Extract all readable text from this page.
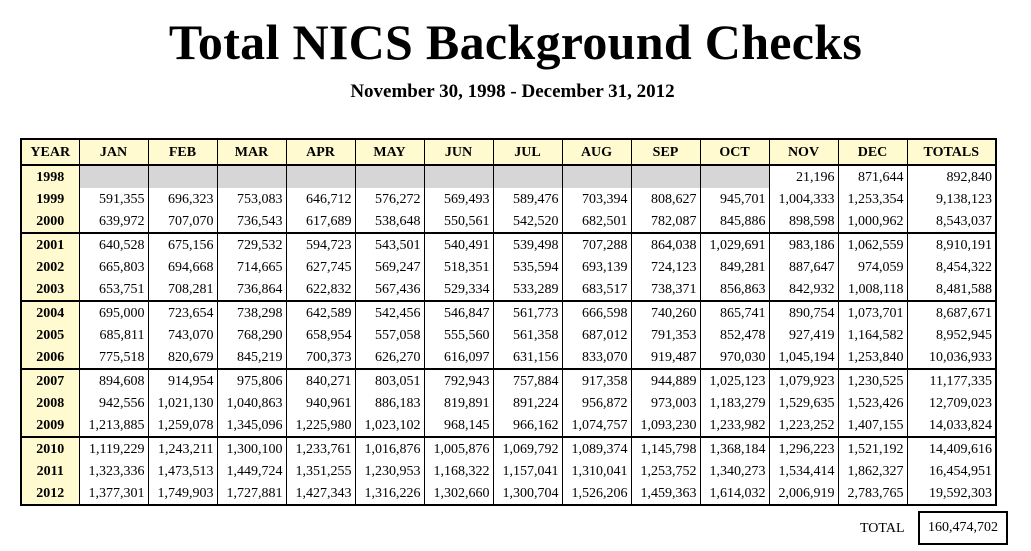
Total NICS Background Checks
November 30, 1998 - December 31, 2012
YEAR	JAN	FEB	MAR	APR	MAY	JUN	JUL	AUG	SEP	OCT	NOV	DEC	TOTALS
1998											21,196	871,644	892,840
1999	591,355	696,323	753,083	646,712	576,272	569,493	589,476	703,394	808,627	945,701	1,004,333	1,253,354	9,138,123
2000	639,972	707,070	736,543	617,689	538,648	550,561	542,520	682,501	782,087	845,886	898,598	1,000,962	8,543,037
2001	640,528	675,156	729,532	594,723	543,501	540,491	539,498	707,288	864,038	1,029,691	983,186	1,062,559	8,910,191
2002	665,803	694,668	714,665	627,745	569,247	518,351	535,594	693,139	724,123	849,281	887,647	974,059	8,454,322
2003	653,751	708,281	736,864	622,832	567,436	529,334	533,289	683,517	738,371	856,863	842,932	1,008,118	8,481,588
2004	695,000	723,654	738,298	642,589	542,456	546,847	561,773	666,598	740,260	865,741	890,754	1,073,701	8,687,671
2005	685,811	743,070	768,290	658,954	557,058	555,560	561,358	687,012	791,353	852,478	927,419	1,164,582	8,952,945
2006	775,518	820,679	845,219	700,373	626,270	616,097	631,156	833,070	919,487	970,030	1,045,194	1,253,840	10,036,933
2007	894,608	914,954	975,806	840,271	803,051	792,943	757,884	917,358	944,889	1,025,123	1,079,923	1,230,525	11,177,335
2008	942,556	1,021,130	1,040,863	940,961	886,183	819,891	891,224	956,872	973,003	1,183,279	1,529,635	1,523,426	12,709,023
2009	1,213,885	1,259,078	1,345,096	1,225,980	1,023,102	968,145	966,162	1,074,757	1,093,230	1,233,982	1,223,252	1,407,155	14,033,824
2010	1,119,229	1,243,211	1,300,100	1,233,761	1,016,876	1,005,876	1,069,792	1,089,374	1,145,798	1,368,184	1,296,223	1,521,192	14,409,616
2011	1,323,336	1,473,513	1,449,724	1,351,255	1,230,953	1,168,322	1,157,041	1,310,041	1,253,752	1,340,273	1,534,414	1,862,327	16,454,951
2012	1,377,301	1,749,903	1,727,881	1,427,343	1,316,226	1,302,660	1,300,704	1,526,206	1,459,363	1,614,032	2,006,919	2,783,765	19,592,303
TOTAL	160,474,702
